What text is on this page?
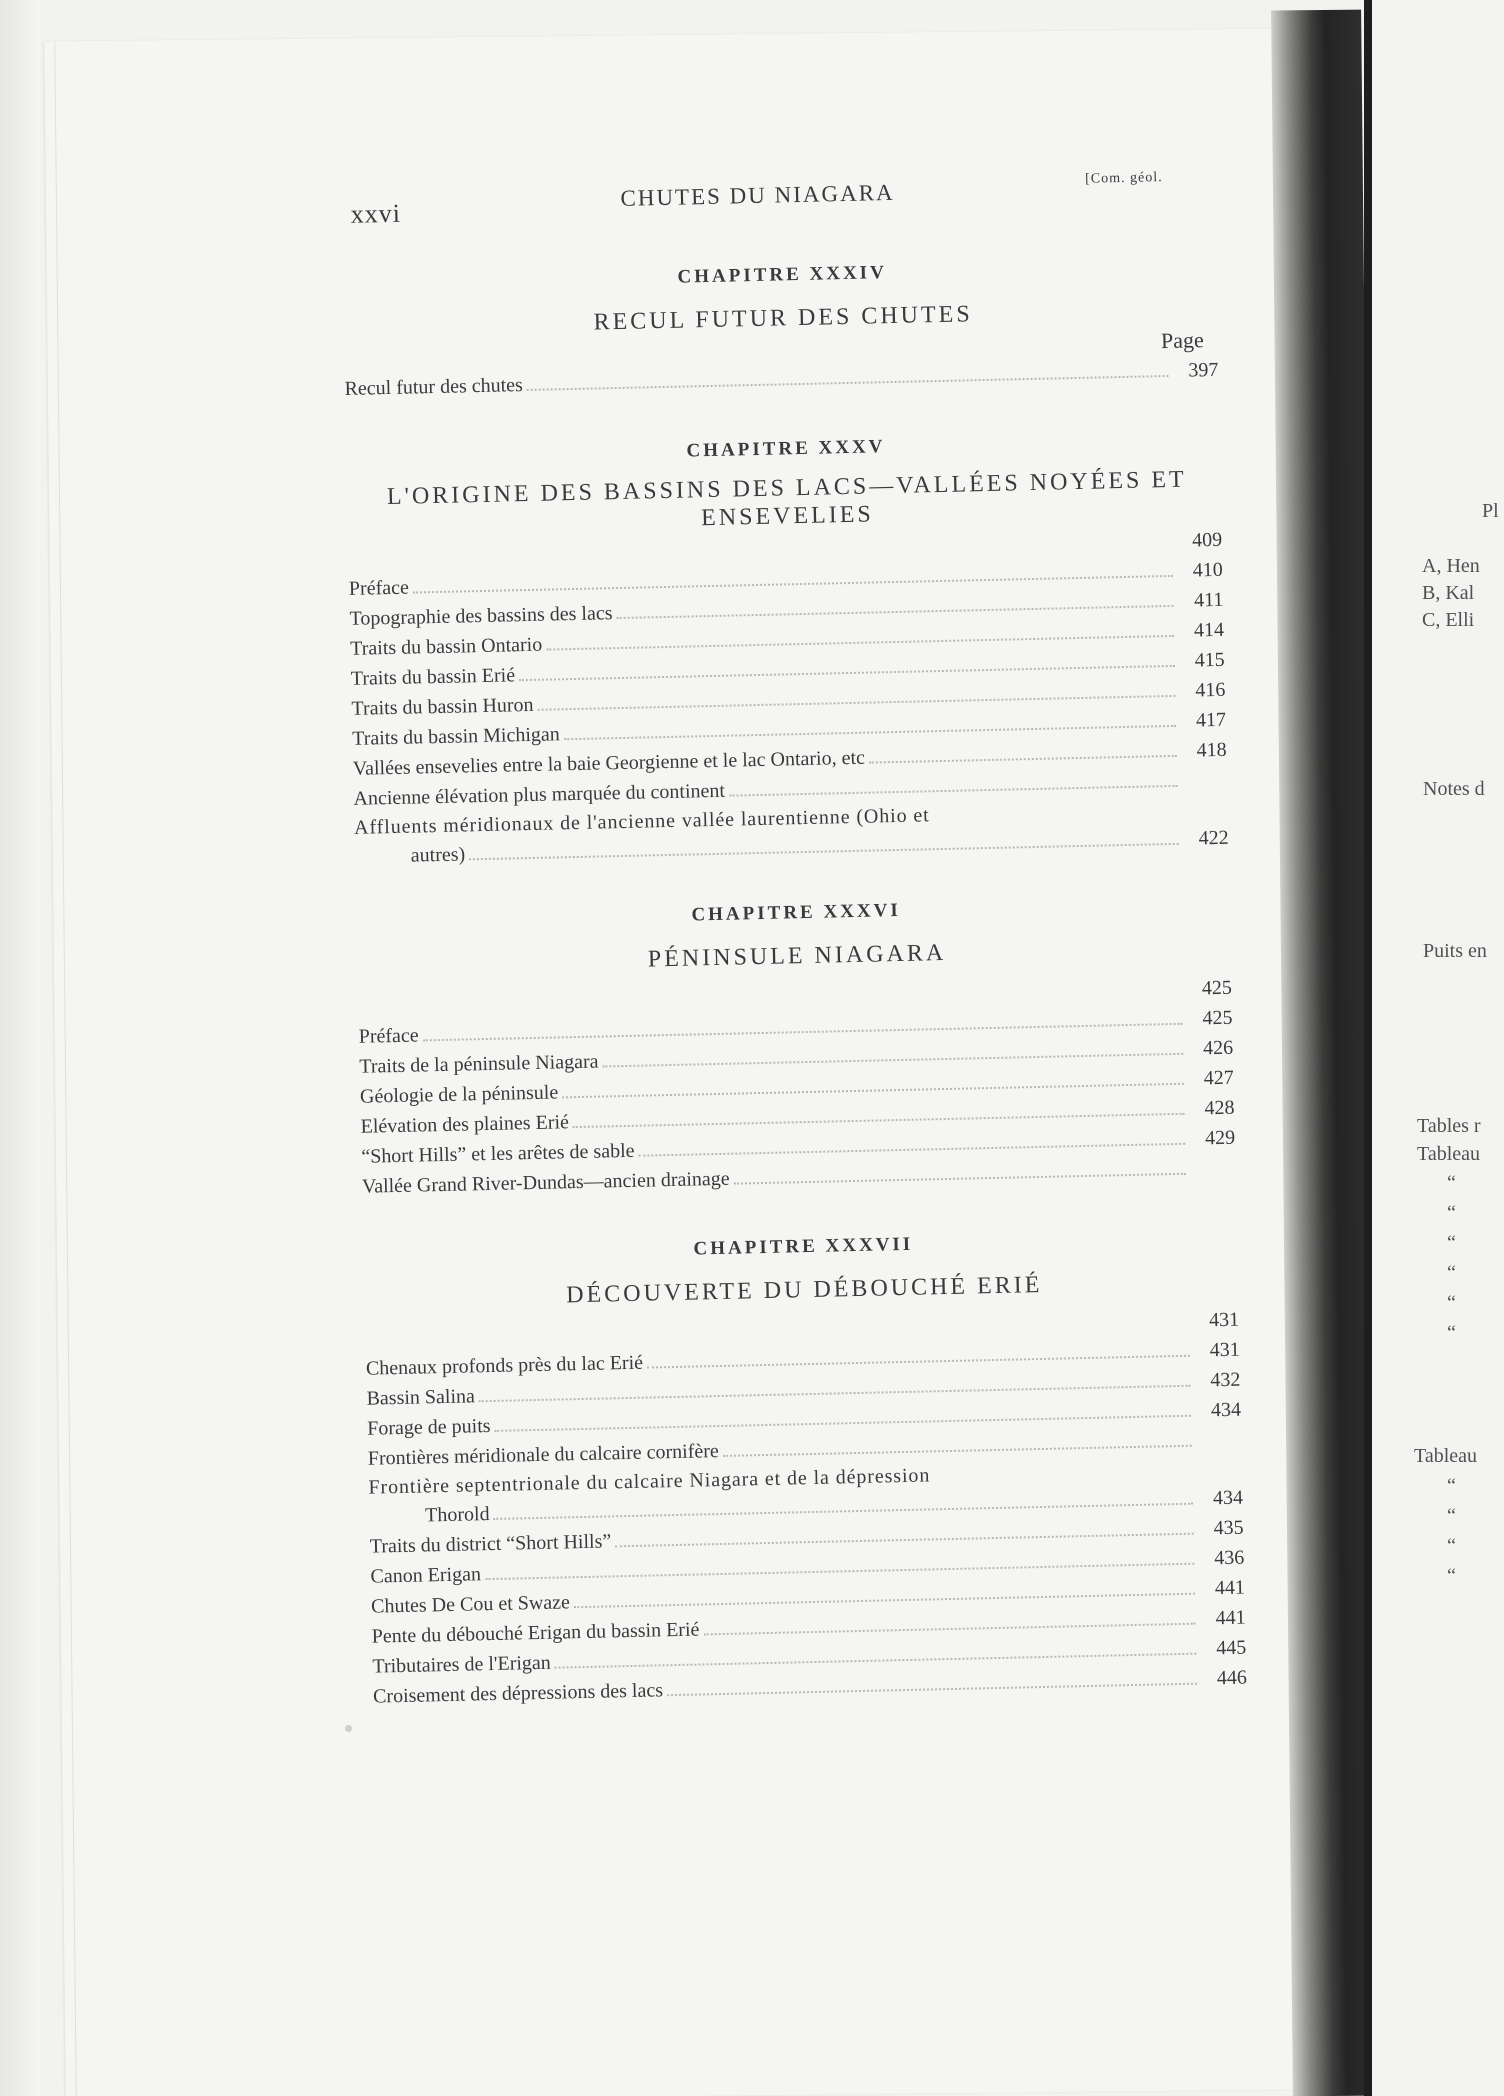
Pl
A, Hen
B, Kal
C, Elli
Notes d
Puits en
Tables r
Tableau
“
“
“
“
“
“
Tableau
“
“
“
“
xxvi
CHUTES DU NIAGARA
[Com. géol.
CHAPITRE XXXIV
RECUL FUTUR DES CHUTES
Page
Recul futur des chutes
397
CHAPITRE XXXV
L'ORIGINE DES BASSINS DES LACS—VALLÉES NOYÉES ET
ENSEVELIES
409
Préface
410
Topographie des bassins des lacs
411
Traits du bassin Ontario
414
Traits du bassin Erié
415
Traits du bassin Huron
416
Traits du bassin Michigan
417
Vallées ensevelies entre la baie Georgienne et le lac Ontario, etc	418
Ancienne élévation plus marquée du continent
Affluents méridionaux de l'ancienne vallée laurentienne (Ohio et
autres)
422
CHAPITRE XXXVI
PÉNINSULE NIAGARA
425
Préface
425
Traits de la péninsule Niagara
426
Géologie de la péninsule
427
Elévation des plaines Erié
428
“Short Hills” et les arêtes de sable
429
Vallée Grand River-Dundas—ancien drainage
CHAPITRE XXXVII
DÉCOUVERTE DU DÉBOUCHÉ ERIÉ
431
Chenaux profonds près du lac Erié
431
Bassin Salina
432
Forage de puits
434
Frontières méridionale du calcaire cornifère
Frontière septentrionale du calcaire Niagara et de la dépression
Thorold
434
Traits du district “Short Hills”
435
Canon Erigan
436
Chutes De Cou et Swaze
441
Pente du débouché Erigan du bassin Erié
441
Tributaires de l'Erigan
445
Croisement des dépressions des lacs
446
